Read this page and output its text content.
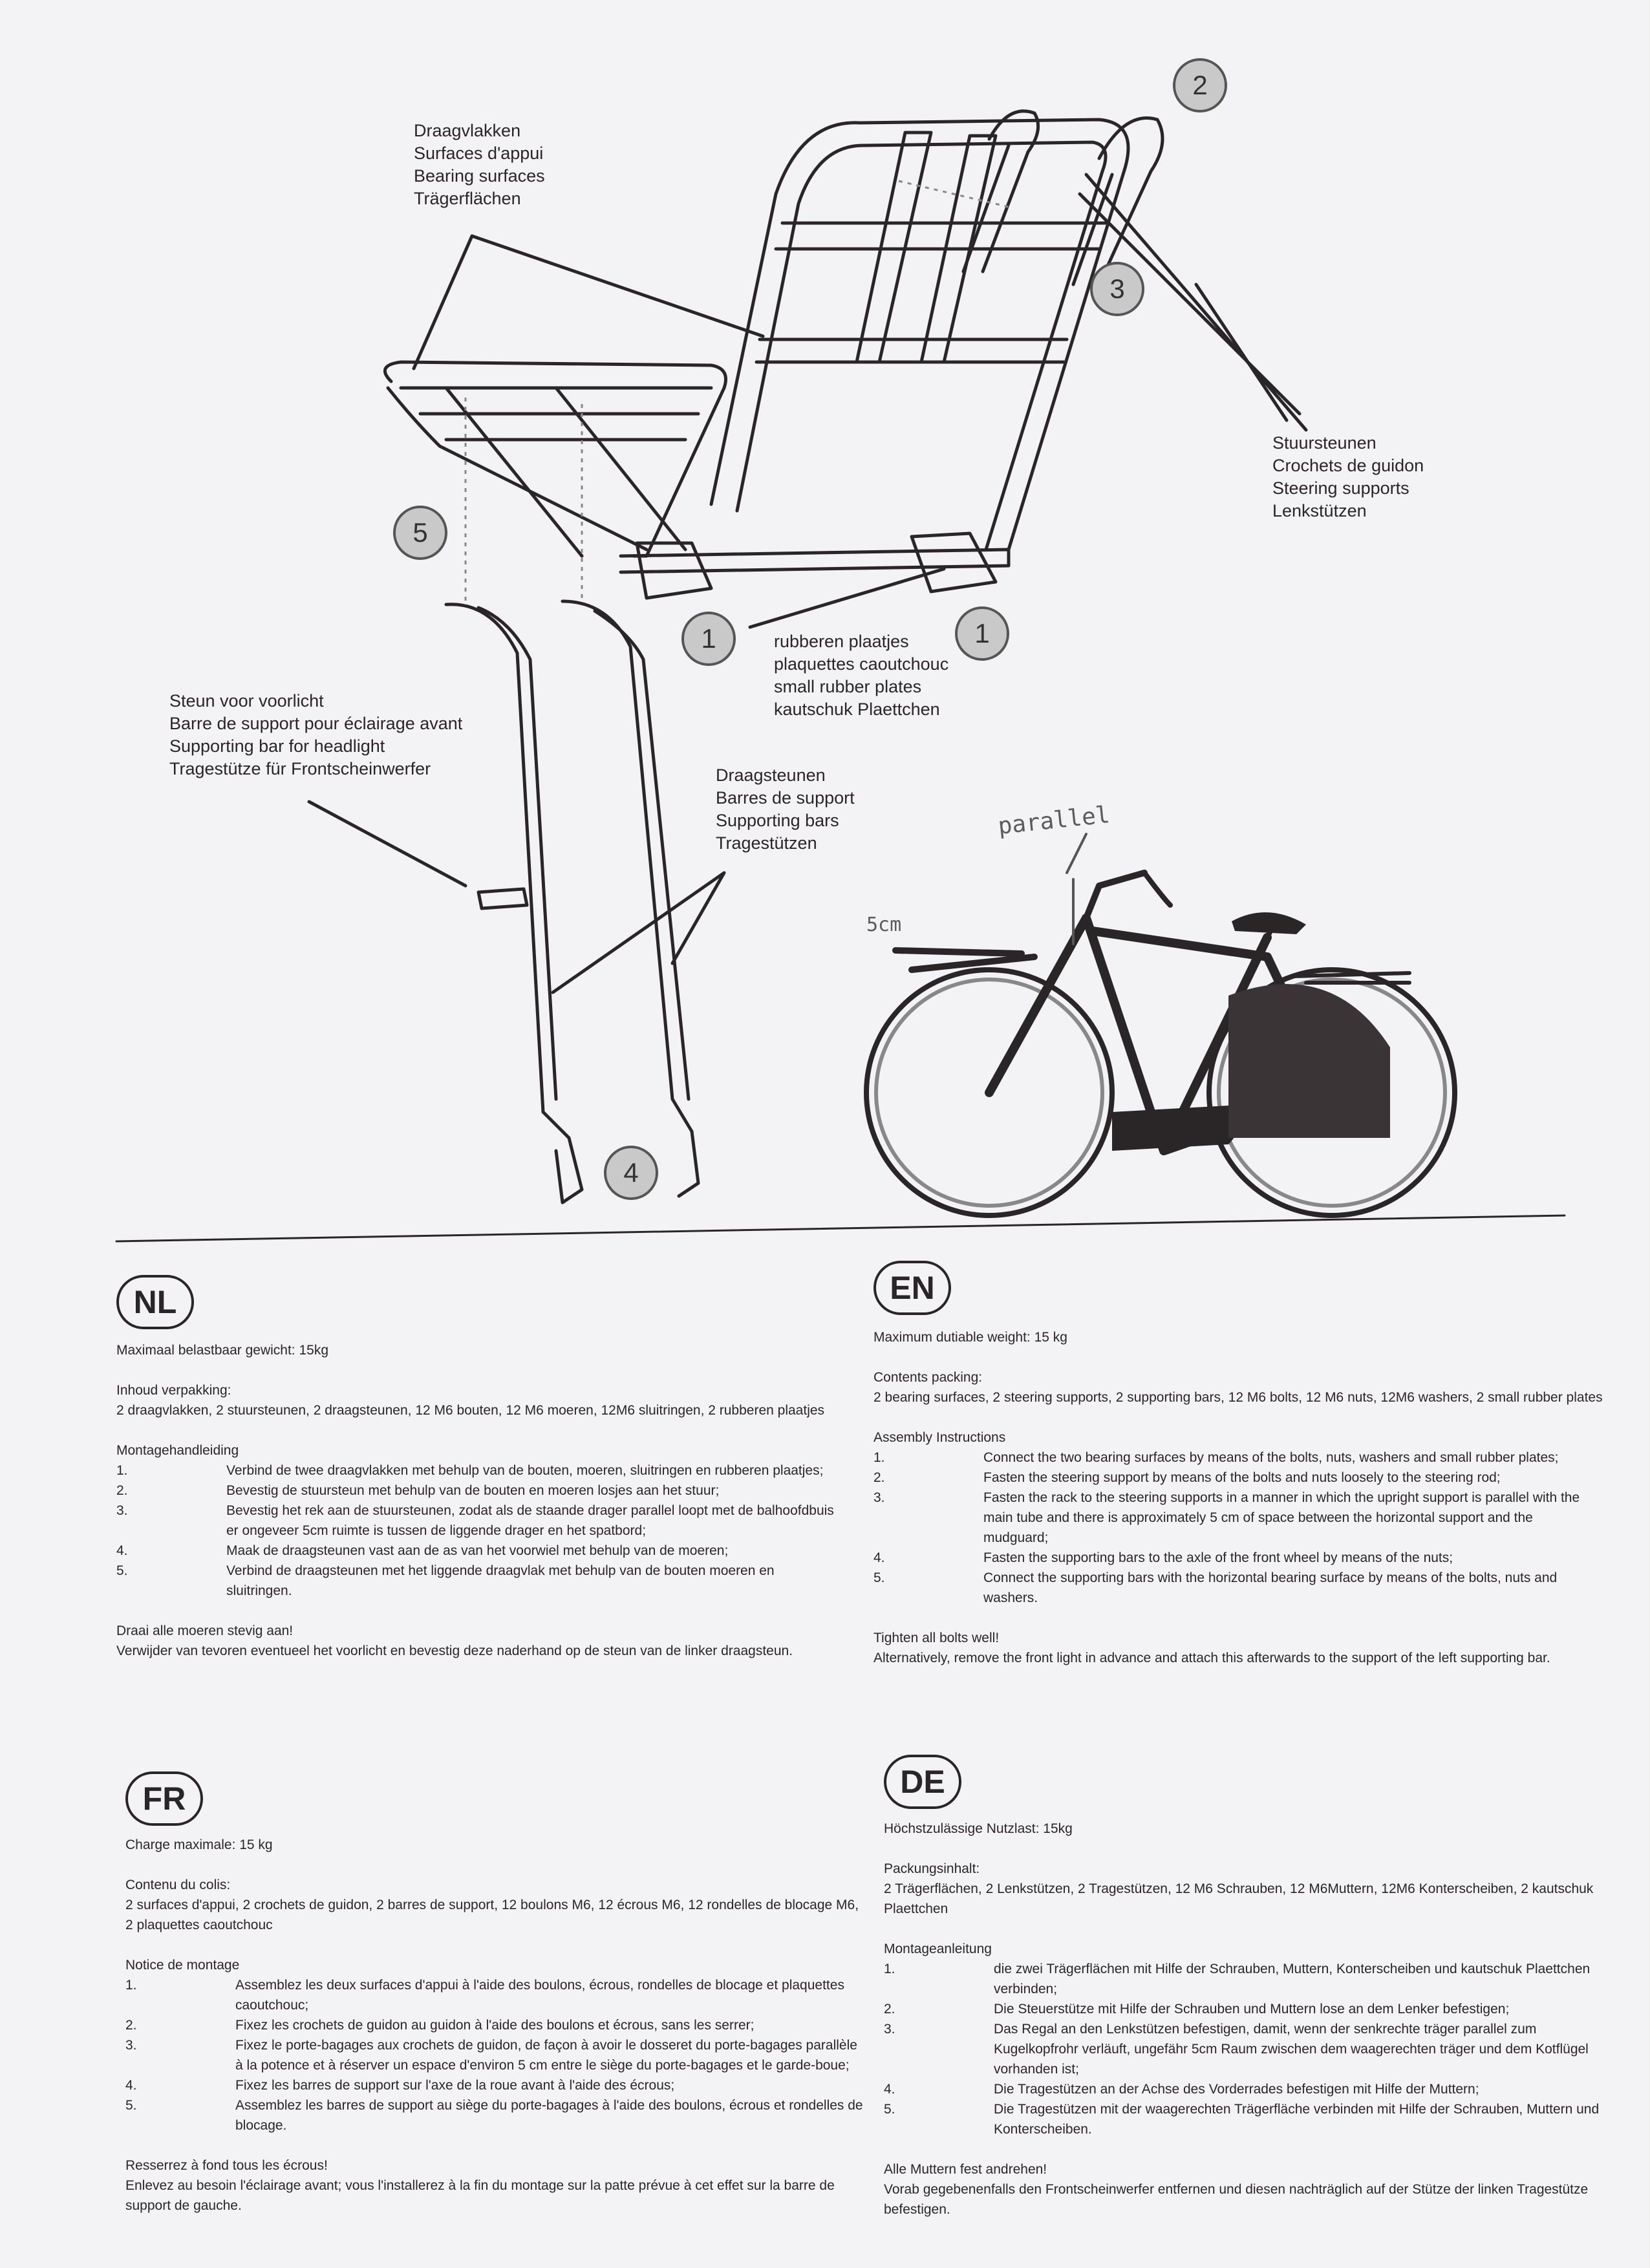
parallel
5cm
2
3
5
1	1
4
Draagvlakken
Surfaces d'appui
Bearing surfaces
Trägerflächen
Stuursteunen
Crochets de guidon
Steering supports
Lenkstützen
rubberen plaatjes
plaquettes caoutchouc
small rubber plates
kautschuk Plaettchen
Steun voor voorlicht
Barre de support pour éclairage avant
Supporting bar for headlight
Tragestütze für Frontscheinwerfer	Draagsteunen
Barres de support
Supporting bars
Tragestützen
NL

Maximaal belastbaar gewicht: 15kg

Inhoud verpakking:

2 draagvlakken, 2 stuursteunen, 2 draagsteunen, 12 M6 bouten, 12 M6 moeren, 12M6 sluitringen, 2 rubberen plaatjes

Montagehandleiding

1.	Verbind de twee draagvlakken met behulp van de bouten, moeren, sluitringen en rubberen plaatjes;

2.	Bevestig de stuursteun met behulp van de bouten en moeren losjes aan het stuur;

3.	Bevestig het rek aan de stuursteunen, zodat als de staande drager parallel loopt met de balhoofdbuis

er ongeveer 5cm ruimte is tussen de liggende drager en het spatbord;

4.	Maak de draagsteunen vast aan de as van het voorwiel met behulp van de moeren;

5.	Verbind de draagsteunen met het liggende draagvlak met behulp van de bouten moeren en

sluitringen.

Draai alle moeren stevig aan!

Verwijder van tevoren eventueel het voorlicht en bevestig deze naderhand op de steun van de linker draagsteun.

EN

Maximum dutiable weight: 15 kg

Contents packing:

2 bearing surfaces, 2 steering supports, 2 supporting bars, 12 M6 bolts, 12 M6 nuts, 12M6 washers, 2 small rubber plates

Assembly Instructions

1.	Connect the two bearing surfaces by means of the bolts, nuts, washers and small rubber plates;

2.	Fasten the steering support by means of the bolts and nuts loosely to the steering rod;

3.	Fasten the rack to the steering supports in a manner in which the upright support is parallel with the

main tube and there is approximately 5 cm of space between the horizontal support and the

mudguard;

4.	Fasten the supporting bars to the axle of the front wheel by means of the nuts;

5.	Connect the supporting bars with the horizontal bearing surface by means of the bolts, nuts and

washers.

Tighten all bolts well!

Alternatively, remove the front light in advance and attach this afterwards to the support of the left supporting bar.

FR

Charge maximale: 15 kg

Contenu du colis:

2 surfaces d'appui, 2 crochets de guidon, 2 barres de support, 12 boulons M6, 12 écrous M6, 12 rondelles de blocage M6,

2 plaquettes caoutchouc

Notice de montage

1.	Assemblez les deux surfaces d'appui à l'aide des boulons, écrous, rondelles de blocage et plaquettes

caoutchouc;

2.	Fixez les crochets de guidon au guidon à l'aide des boulons et écrous, sans les serrer;

3.	Fixez le porte-bagages aux crochets de guidon, de façon à avoir le dosseret du porte-bagages parallèle

à la potence et à réserver un espace d'environ 5 cm entre le siège du porte-bagages et le garde-boue;

4.	Fixez les barres de support sur l'axe de la roue avant à l'aide des écrous;

5.	Assemblez les barres de support au siège du porte-bagages à l'aide des boulons, écrous et rondelles de

blocage.

Resserrez à fond tous les écrous!

Enlevez au besoin l'éclairage avant; vous l'installerez à la fin du montage sur la patte prévue à cet effet sur la barre de

support de gauche.

DE

Höchstzulässige Nutzlast: 15kg

Packungsinhalt:

2 Trägerflächen, 2 Lenkstützen, 2 Tragestützen, 12 M6 Schrauben, 12 M6Muttern, 12M6 Konterscheiben, 2 kautschuk

Plaettchen

Montageanleitung

1.	die zwei Trägerflächen mit Hilfe der Schrauben, Muttern, Konterscheiben und kautschuk Plaettchen

verbinden;

2.	Die Steuerstütze mit Hilfe der Schrauben und Muttern lose an dem Lenker befestigen;

3.	Das Regal an den Lenkstützen befestigen, damit, wenn der senkrechte träger parallel zum

Kugelkopfrohr verläuft, ungefähr 5cm Raum zwischen dem waagerechten träger und dem Kotflügel

vorhanden ist;

4.	Die Tragestützen an der Achse des Vorderrades befestigen mit Hilfe der Muttern;

5.	Die Tragestützen mit der waagerechten Trägerfläche verbinden mit Hilfe der Schrauben, Muttern und

Konterscheiben.

Alle Muttern fest andrehen!

Vorab gegebenenfalls den Frontscheinwerfer entfernen und diesen nachträglich auf der Stütze der linken Tragestütze

befestigen.
